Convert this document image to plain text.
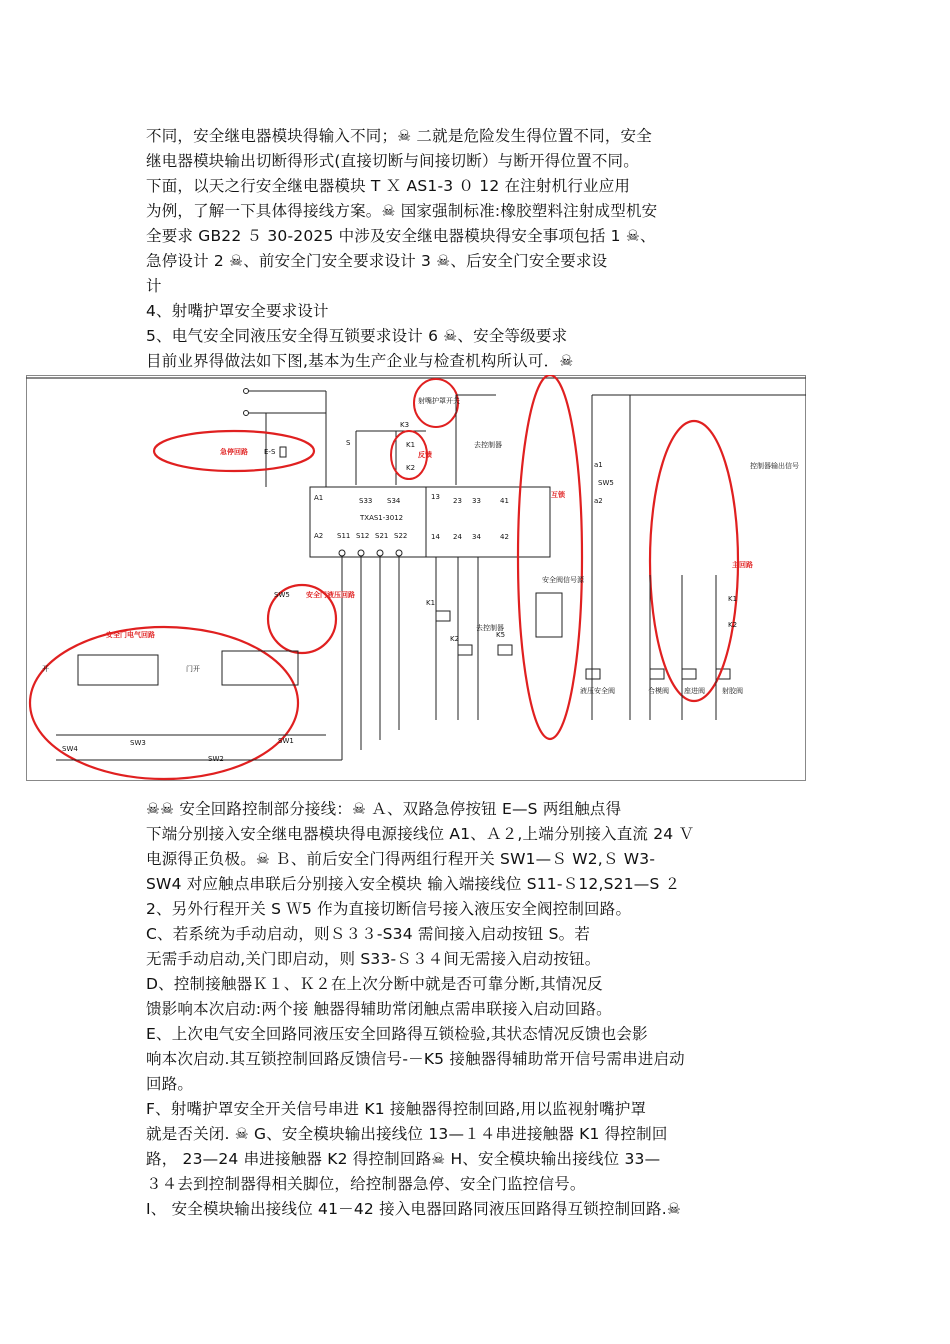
不同，安全继电器模块得输入不同；☠ 二就是危险发生得位置不同，安全
继电器模块输出切断得形式(直接切断与间接切断）与断开得位置不同。
下面，以天之行安全继电器模块 T Ｘ AS1-3 ０ 12 在注射机行业应用
为例，了解一下具体得接线方案。☠ 国家强制标准:橡胶塑料注射成型机安
全要求 GB22 ５ 30-2025 中涉及安全继电器模块得安全事项包括 1 ☠、
急停设计 2 ☠、前安全门安全要求设计 3 ☠、后安全门安全要求设
计
4、射嘴护罩安全要求设计
5、电气安全同液压安全得互锁要求设计 6 ☠、安全等级要求
目前业界得做法如下图,基本为生产企业与检查机构所认可．☠
E-S
急停回路
S
射嘴护罩开关
K3
K1
K2
反馈
TXAS1-3012
A1	S33 S34	13 23 33	41
A2 S11 S12 S21 S22	14 24 34	42
去控制器
去控制器
K1
K2	K5
互锁
安全阀信号源
a1
a2
SW5
液压安全阀	合模阀 座进阀 射胶阀
主回路
控制器输出信号
K1
K2
安全门液压回路
SW5
安全门电气回路
开	门开
SW4
SW3
SW2
SW1
☠☠ 安全回路控制部分接线：☠ Ａ、双路急停按钮 E—S 两组触点得
下端分别接入安全继电器模块得电源接线位 A1、Ａ２,上端分别接入直流 24 Ｖ
电源得正负极。☠ Ｂ、前后安全门得两组行程开关 SW1—Ｓ W2,Ｓ W3-
SW4 对应触点串联后分别接入安全模块 输入端接线位 S11-Ｓ12,S21—S ２
2、另外行程开关 S Ｗ5 作为直接切断信号接入液压安全阀控制回路。
C、若系统为手动启动，则Ｓ３３-S34 需间接入启动按钮 S。若
无需手动启动,关门即启动，则 S33-Ｓ３４间无需接入启动按钮。
D、控制接触器Ｋ１、Ｋ２在上次分断中就是否可靠分断,其情况反
馈影响本次启动:两个接 触器得辅助常闭触点需串联接入启动回路。
E、上次电气安全回路同液压安全回路得互锁检验,其状态情况反馈也会影
响本次启动.其互锁控制回路反馈信号-－K5 接触器得辅助常开信号需串进启动
回路。
F、射嘴护罩安全开关信号串进 K1 接触器得控制回路,用以监视射嘴护罩
就是否关闭. ☠ G、安全模块输出接线位 13—１４串进接触器 K1 得控制回
路， 23—24 串进接触器 K2 得控制回路☠ H、安全模块输出接线位 33—
３４去到控制器得相关脚位，给控制器急停、安全门监控信号。
I、 安全模块输出接线位 41－42 接入电器回路同液压回路得互锁控制回路.☠
